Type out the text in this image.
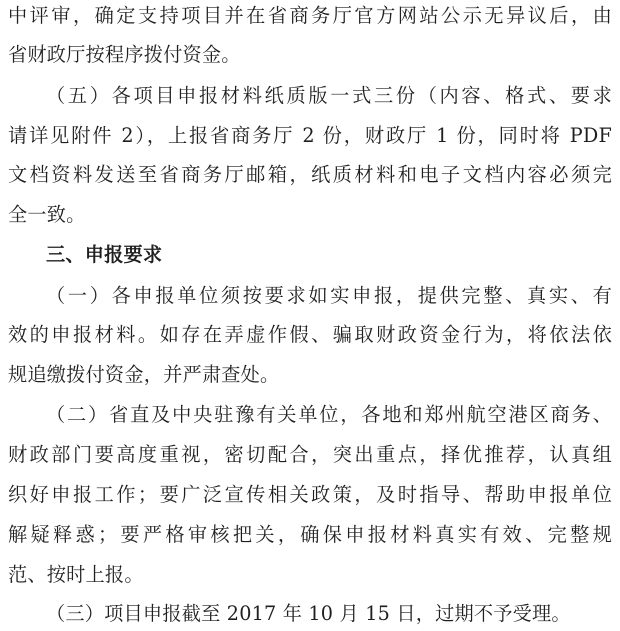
中评审，确定支持项目并在省商务厅官方网站公示无异议后，由
省财政厅按程序拨付资金。
（五）各项目申报材料纸质版一式三份（内容、格式、要求
请详见附件 2），上报省商务厅 2 份，财政厅 1 份，同时将 PDF
文档资料发送至省商务厅邮箱，纸质材料和电子文档内容必须完
全一致。
三、申报要求
（一）各申报单位须按要求如实申报，提供完整、真实、有
效的申报材料。如存在弄虚作假、骗取财政资金行为，将依法依
规追缴拨付资金，并严肃查处。
（二）省直及中央驻豫有关单位，各地和郑州航空港区商务、
财政部门要高度重视，密切配合，突出重点，择优推荐，认真组
织好申报工作；要广泛宣传相关政策，及时指导、帮助申报单位
解疑释惑；要严格审核把关，确保申报材料真实有效、完整规
范、按时上报。
（三）项目申报截至 2017 年 10 月 15 日，过期不予受理。
